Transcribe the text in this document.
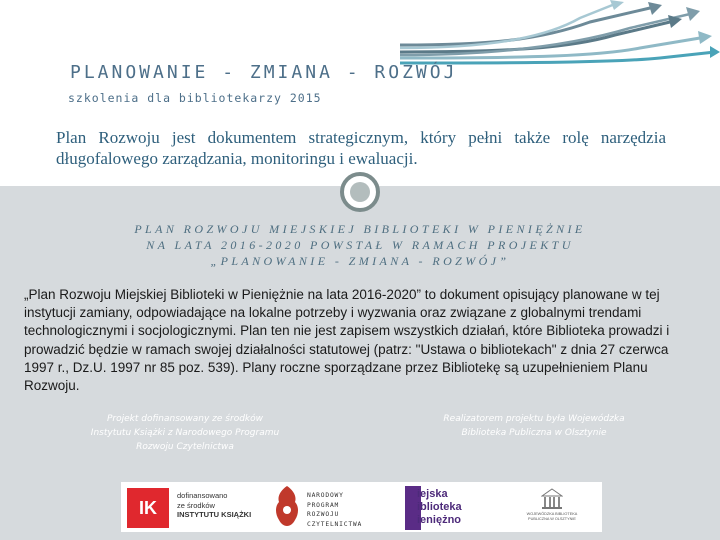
PLANOWANIE - ZMIANA - ROZWÓJ
szkolenia dla bibliotekarzy 2015

Plan Rozwoju jest dokumentem strategicznym, który pełni także rolę narzędzia długofalowego zarządzania, monitoringu i ewaluacji.

PLAN ROZWOJU MIEJSKIEJ BIBLIOTEKI W PIENIĘŻNIE
NA LATA 2016-2020 POWSTAŁ W RAMACH PROJEKTU
„PLANOWANIE - ZMIANA - ROZWÓJ”

„Plan Rozwoju Miejskiej Biblioteki w Pieniężnie na lata 2016-2020” to dokument opisujący planowane w tej instytucji zamiany, odpowiadające na lokalne potrzeby i wyzwania oraz związane z globalnymi trendami technologicznymi i socjologicznymi. Plan ten nie jest zapisem wszystkich działań, które Biblioteka prowadzi i prowadzić będzie w ramach swojej działalności statutowej (patrz: "Ustawa o bibliotekach" z dnia 27 czerwca 1997 r., Dz.U. 1997 nr 85 poz. 539). Plany roczne sporządzane przez Bibliotekę są uzupełnieniem Planu Rozwoju.

Projekt dofinansowany ze środków
Instytutu Książki z Narodowego Programu
Rozwoju Czytelnictwa
Realizatorem projektu była Wojewódzka
Biblioteka Publiczna w Olsztynie
IK
dofinansowano
ze środków
INSTYTUTU KSIĄŻKI
NARODOWY
PROGRAM
ROZWOJU
CZYTELNICTWA
iejska
iblioteka
ieniężno	WOJEWÓDZKA BIBLIOTEKA
PUBLICZNA W OLSZTYNIE
